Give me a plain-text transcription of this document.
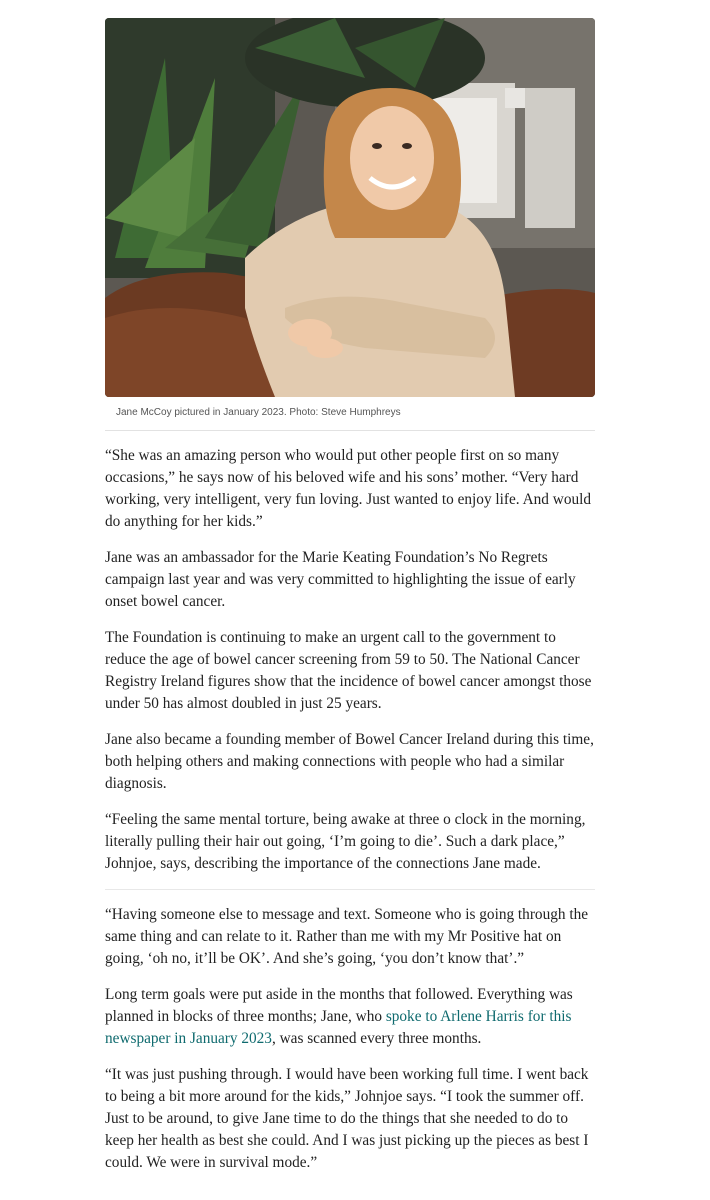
Jane McCoy pictured in January 2023. Photo: Steve Humphreys

“She was an amazing person who would put other people first on so many occasions,” he says now of his beloved wife and his sons’ mother. “Very hard working, very intelligent, very fun loving. Just wanted to enjoy life. And would do anything for her kids.”

Jane was an ambassador for the Marie Keating Foundation’s No Regrets campaign last year and was very committed to highlighting the issue of early onset bowel cancer.

The Foundation is continuing to make an urgent call to the government to reduce the age of bowel cancer screening from 59 to 50. The National Cancer Registry Ireland figures show that the incidence of bowel cancer amongst those under 50 has almost doubled in just 25 years.

Jane also became a founding member of Bowel Cancer Ireland during this time, both helping others and making connections with people who had a similar diagnosis.

“Feeling the same mental torture, being awake at three o clock in the morning, literally pulling their hair out going, ‘I’m going to die’. Such a dark place,” Johnjoe, says, describing the importance of the connections Jane made.

“Having someone else to message and text. Someone who is going through the same thing and can relate to it. Rather than me with my Mr Positive hat on going, ‘oh no, it’ll be OK’. And she’s going, ‘you don’t know that’.”

Long term goals were put aside in the months that followed. Everything was planned in blocks of three months; Jane, who spoke to Arlene Harris for this newspaper in January 2023, was scanned every three months.

“It was just pushing through. I would have been working full time. I went back to being a bit more around for the kids,” Johnjoe says. “I took the summer off. Just to be around, to give Jane time to do the things that she needed to do to keep her health as best she could. And I was just picking up the pieces as best I could. We were in survival mode.”
